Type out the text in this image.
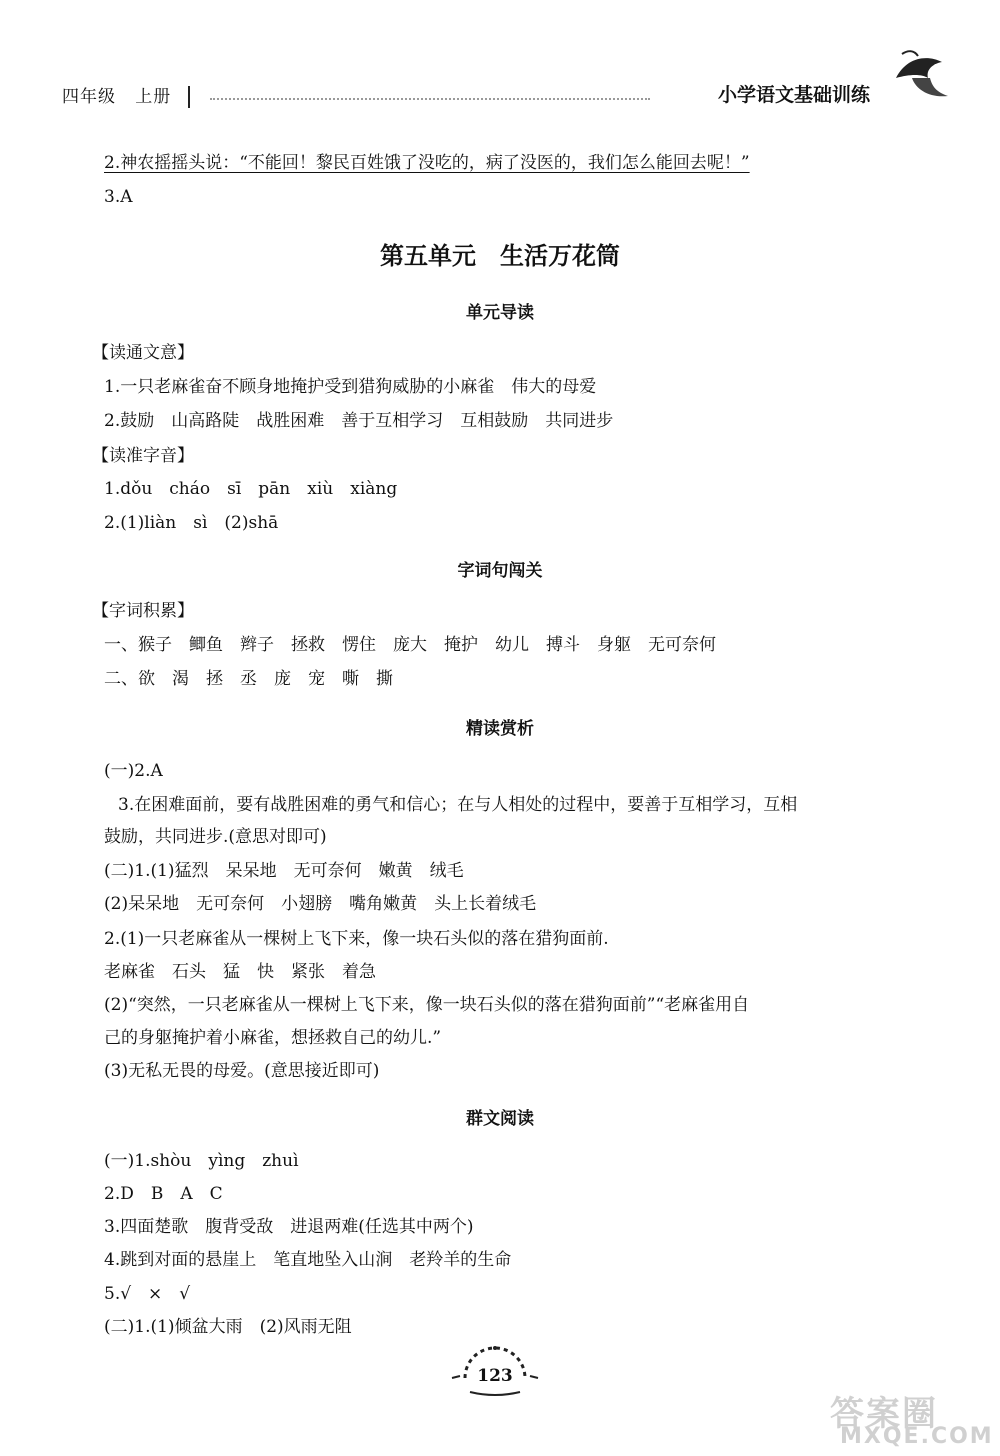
四年级 上册	小学语文基础训练
2.神农摇摇头说：“不能回！黎民百姓饿了没吃的，病了没医的，我们怎么能回去呢！”
3.A
第五单元　生活万花筒
单元导读
【读通文意】
1.一只老麻雀奋不顾身地掩护受到猎狗威胁的小麻雀　伟大的母爱
2.鼓励　山高路陡　战胜困难　善于互相学习　互相鼓励　共同进步
【读准字音】
1.dǒu　cháo　sī　pān　xiù　xiàng
2.(1)liàn　sì　(2)shā
字词句闯关
【字词积累】
一、猴子　鲫鱼　辫子　拯救　愣住　庞大　掩护　幼儿　搏斗　身躯　无可奈何
二、欲　渴　拯　丞　庞　宠　嘶　撕
精读赏析
(一)2.A
3.在困难面前，要有战胜困难的勇气和信心；在与人相处的过程中，要善于互相学习，互相
鼓励，共同进步.(意思对即可)
(二)1.(1)猛烈　呆呆地　无可奈何　嫩黄　绒毛
(2)呆呆地　无可奈何　小翅膀　嘴角嫩黄　头上长着绒毛
2.(1)一只老麻雀从一棵树上飞下来，像一块石头似的落在猎狗面前.
老麻雀　石头　猛　快　紧张　着急
(2)“突然，一只老麻雀从一棵树上飞下来，像一块石头似的落在猎狗面前”“老麻雀用自
己的身躯掩护着小麻雀，想拯救自己的幼儿.”
(3)无私无畏的母爱。(意思接近即可)
群文阅读
(一)1.shòu　yìng　zhuì
2.D　B　A　C
3.四面楚歌　腹背受敌　进退两难(任选其中两个)
4.跳到对面的悬崖上　笔直地坠入山涧　老羚羊的生命
5.√　×　√
(二)1.(1)倾盆大雨　(2)风雨无阻
123
答案圈
MXQE.COM
